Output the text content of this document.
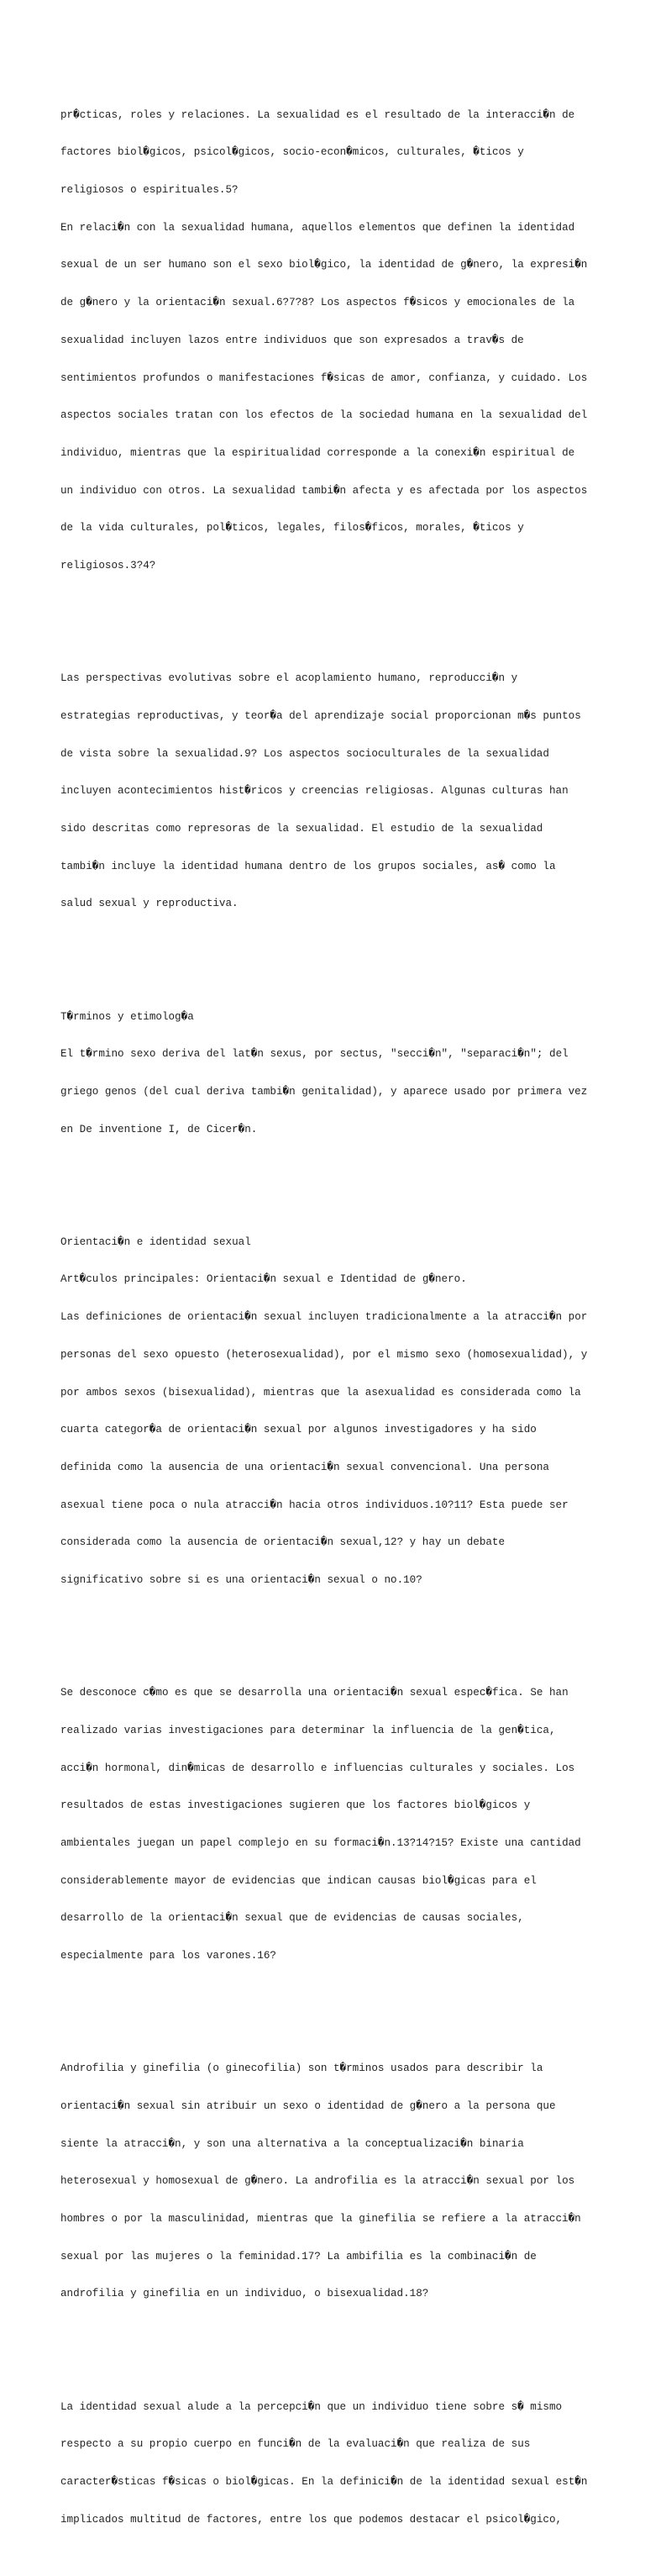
pr�cticas, roles y relaciones. La sexualidad es el resultado de la interacci�n de

factores biol�gicos, psicol�gicos, socio-econ�micos, culturales, �ticos y

religiosos o espirituales.5?

En relaci�n con la sexualidad humana, aquellos elementos que definen la identidad

sexual de un ser humano son el sexo biol�gico, la identidad de g�nero, la expresi�n

de g�nero y la orientaci�n sexual.6?7?8? Los aspectos f�sicos y emocionales de la

sexualidad incluyen lazos entre individuos que son expresados a trav�s de

sentimientos profundos o manifestaciones f�sicas de amor, confianza, y cuidado. Los

aspectos sociales tratan con los efectos de la sociedad humana en la sexualidad del

individuo, mientras que la espiritualidad corresponde a la conexi�n espiritual de

un individuo con otros. La sexualidad tambi�n afecta y es afectada por los aspectos

de la vida culturales, pol�ticos, legales, filos�ficos, morales, �ticos y

religiosos.3?4?

Las perspectivas evolutivas sobre el acoplamiento humano, reproducci�n y

estrategias reproductivas, y teor�a del aprendizaje social proporcionan m�s puntos

de vista sobre la sexualidad.9? Los aspectos socioculturales de la sexualidad

incluyen acontecimientos hist�ricos y creencias religiosas. Algunas culturas han

sido descritas como represoras de la sexualidad. El estudio de la sexualidad

tambi�n incluye la identidad humana dentro de los grupos sociales, as� como la

salud sexual y reproductiva.

T�rminos y etimolog�a

El t�rmino sexo deriva del lat�n sexus, por sectus, "secci�n", "separaci�n"; del

griego genos (del cual deriva tambi�n genitalidad), y aparece usado por primera vez

en De inventione I, de Cicer�n.

Orientaci�n e identidad sexual

Art�culos principales: Orientaci�n sexual e Identidad de g�nero.

Las definiciones de orientaci�n sexual incluyen tradicionalmente a la atracci�n por

personas del sexo opuesto (heterosexualidad), por el mismo sexo (homosexualidad), y

por ambos sexos (bisexualidad), mientras que la asexualidad es considerada como la

cuarta categor�a de orientaci�n sexual por algunos investigadores y ha sido

definida como la ausencia de una orientaci�n sexual convencional. Una persona

asexual tiene poca o nula atracci�n hacia otros individuos.10?11? Esta puede ser

considerada como la ausencia de orientaci�n sexual,12? y hay un debate

significativo sobre si es una orientaci�n sexual o no.10?

Se desconoce c�mo es que se desarrolla una orientaci�n sexual espec�fica. Se han

realizado varias investigaciones para determinar la influencia de la gen�tica,

acci�n hormonal, din�micas de desarrollo e influencias culturales y sociales. Los

resultados de estas investigaciones sugieren que los factores biol�gicos y

ambientales juegan un papel complejo en su formaci�n.13?14?15? Existe una cantidad

considerablemente mayor de evidencias que indican causas biol�gicas para el

desarrollo de la orientaci�n sexual que de evidencias de causas sociales,

especialmente para los varones.16?

Androfilia y ginefilia (o ginecofilia) son t�rminos usados para describir la

orientaci�n sexual sin atribuir un sexo o identidad de g�nero a la persona que

siente la atracci�n, y son una alternativa a la conceptualizaci�n binaria

heterosexual y homosexual de g�nero. La androfilia es la atracci�n sexual por los

hombres o por la masculinidad, mientras que la ginefilia se refiere a la atracci�n

sexual por las mujeres o la feminidad.17? La ambifilia es la combinaci�n de

androfilia y ginefilia en un individuo, o bisexualidad.18?

La identidad sexual alude a la percepci�n que un individuo tiene sobre s� mismo

respecto a su propio cuerpo en funci�n de la evaluaci�n que realiza de sus

caracter�sticas f�sicas o biol�gicas. En la definici�n de la identidad sexual est�n

implicados multitud de factores, entre los que podemos destacar el psicol�gico,
